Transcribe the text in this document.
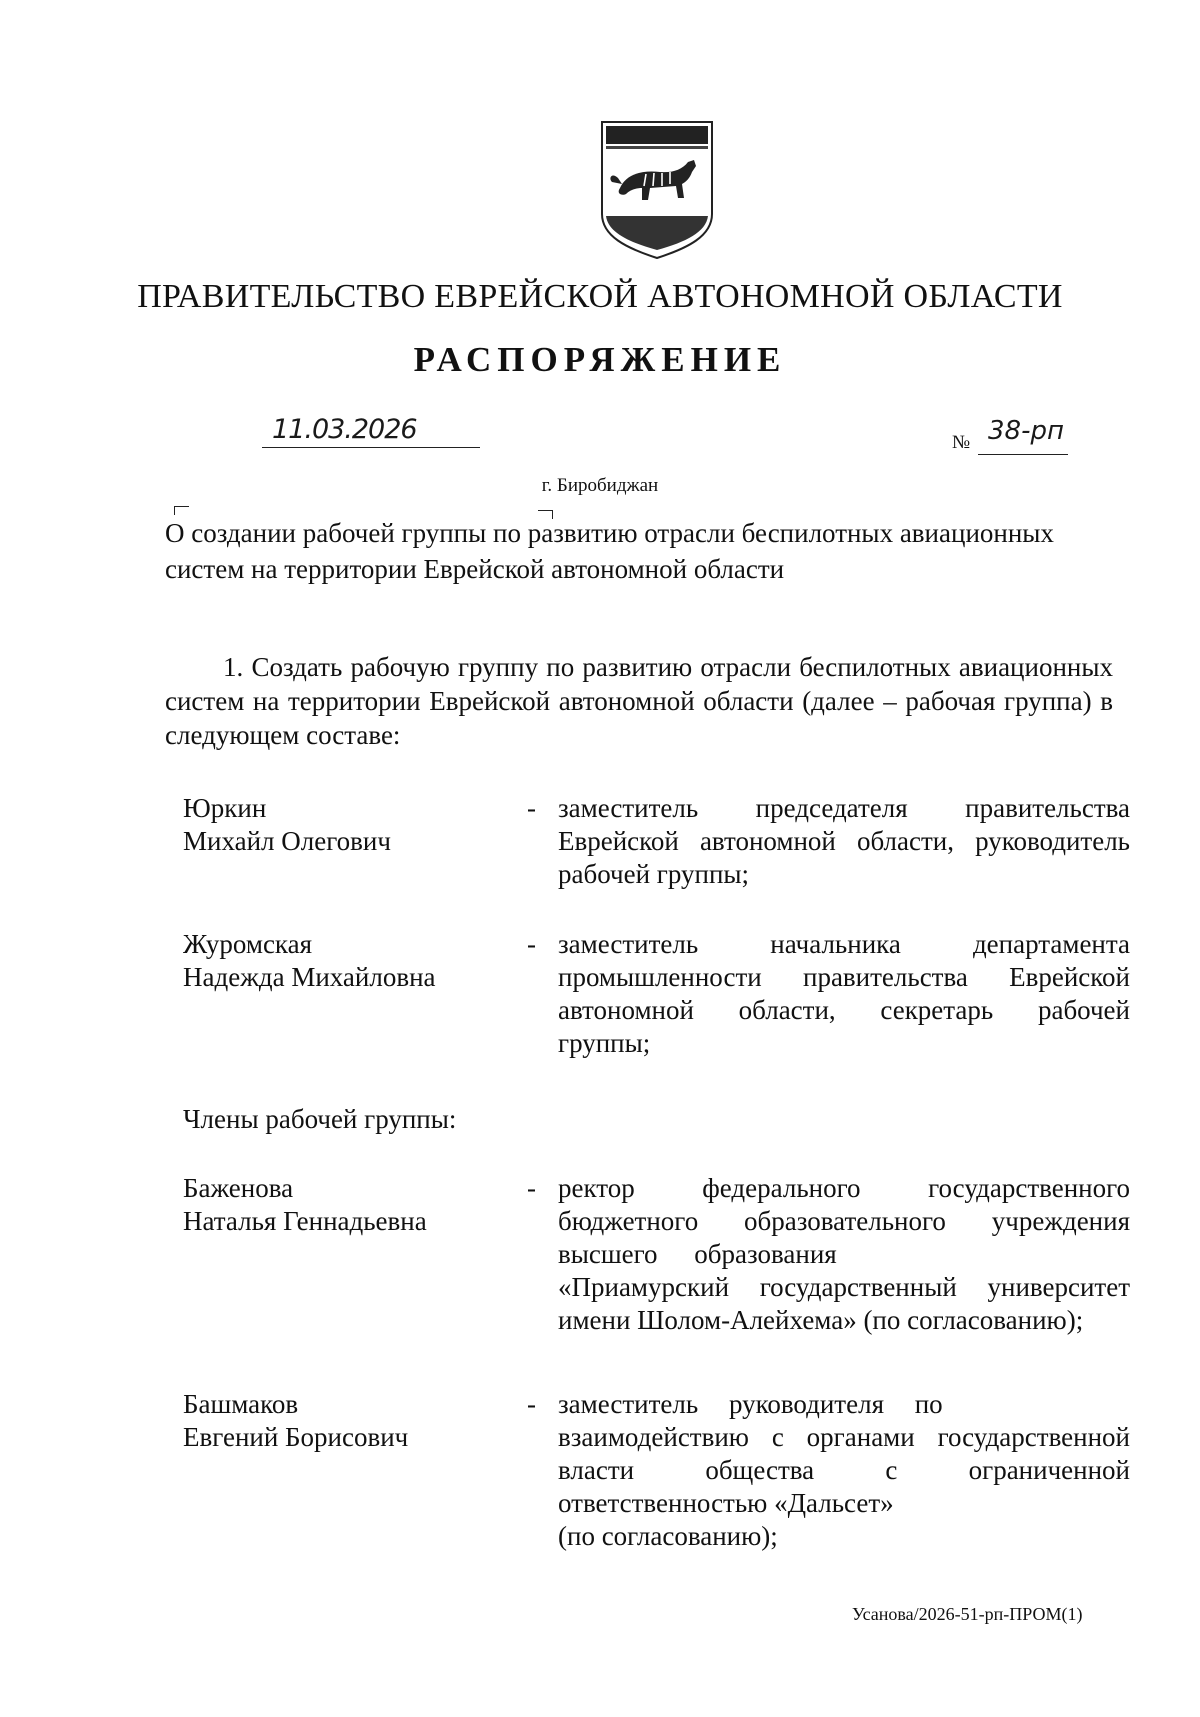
ПРАВИТЕЛЬСТВО ЕВРЕЙСКОЙ АВТОНОМНОЙ ОБЛАСТИ
РАСПОРЯЖЕНИЕ
11.03.2026	№ 38-рп
г. Биробиджан
О создании рабочей группы по развитию отрасли беспилотных авиационных систем на территории Еврейской автономной области
1. Создать рабочую группу по развитию отрасли беспилотных авиационных систем на территории Еврейской автономной области (далее – рабочая группа) в следующем составе:
Юркин
Михайл Олегович
- заместитель председателя правительства
Еврейской автономной области, руководитель
рабочей группы;
Журомская
Надежда Михайловна
- заместитель начальника департамента
промышленности правительства Еврейской
автономной области, секретарь рабочей
группы;
Члены рабочей группы:
Баженова
Наталья Геннадьевна
- ректор федерального государственного
бюджетного образовательного учреждения
высшего образования
«Приамурский государственный университет
имени Шолом-Алейхема» (по согласованию);
Башмаков
Евгений Борисович
- заместитель руководителя по
взаимодействию с органами государственной
власти общества с ограниченной
ответственностью «Дальсет»
(по согласованию);
Усанова/2026-51-рп-ПРОМ(1)
